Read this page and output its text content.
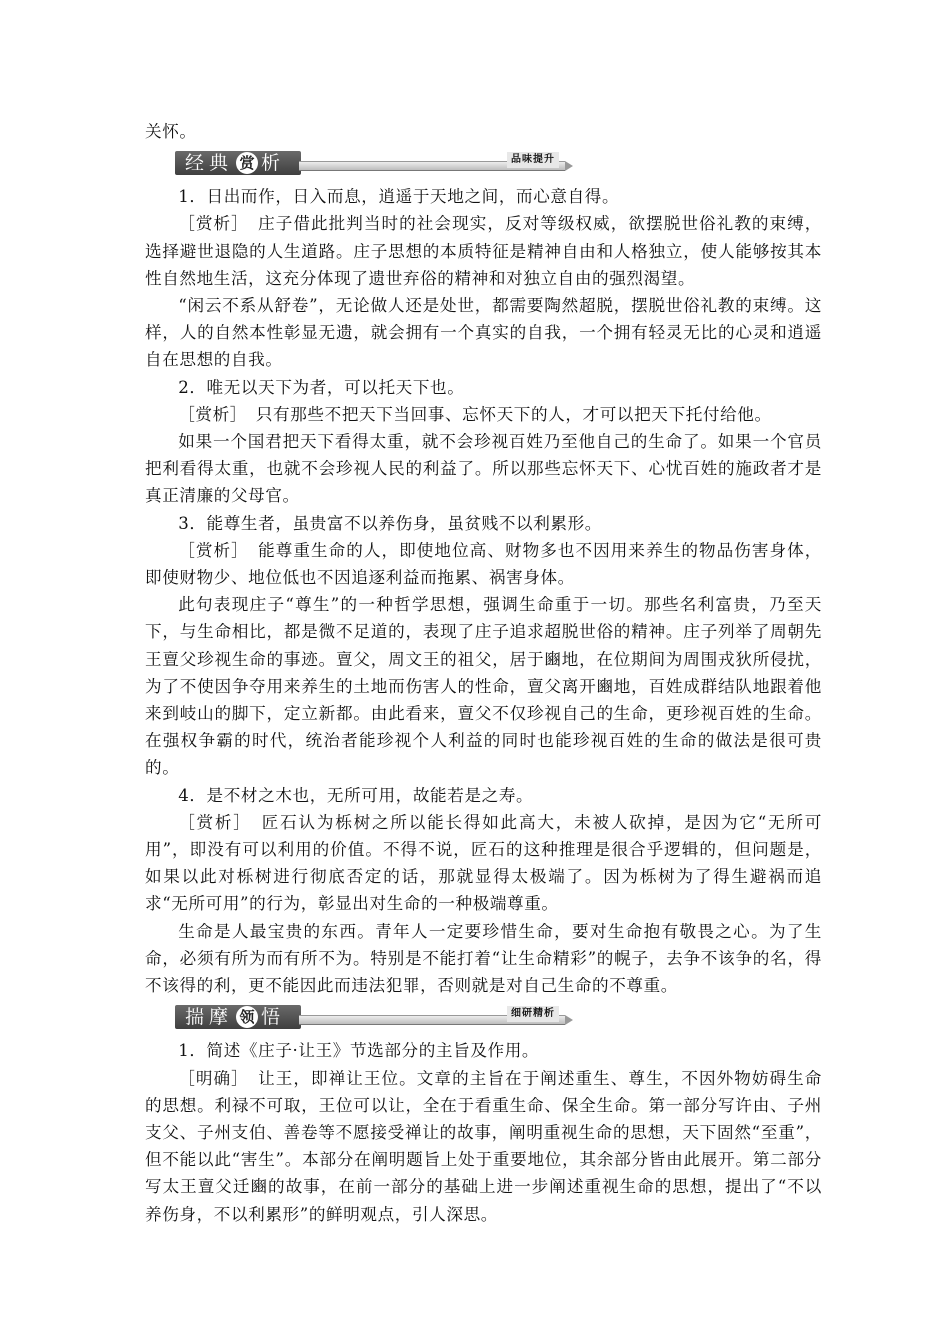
关怀。

经典 赏 析	品味提升

1．日出而作，日入而息，逍遥于天地之间，而心意自得。

［赏析］　庄子借此批判当时的社会现实，反对等级权威，欲摆脱世俗礼教的束缚，选择避世退隐的人生道路。庄子思想的本质特征是精神自由和人格独立，使人能够按其本性自然地生活，这充分体现了遗世弃俗的精神和对独立自由的强烈渴望。

“闲云不系从舒卷”，无论做人还是处世，都需要陶然超脱，摆脱世俗礼教的束缚。这样，人的自然本性彰显无遗，就会拥有一个真实的自我，一个拥有轻灵无比的心灵和逍遥自在思想的自我。

2．唯无以天下为者，可以托天下也。

［赏析］　只有那些不把天下当回事、忘怀天下的人，才可以把天下托付给他。

如果一个国君把天下看得太重，就不会珍视百姓乃至他自己的生命了。如果一个官员把利看得太重，也就不会珍视人民的利益了。所以那些忘怀天下、心忧百姓的施政者才是真正清廉的父母官。

3．能尊生者，虽贵富不以养伤身，虽贫贱不以利累形。

［赏析］　能尊重生命的人，即使地位高、财物多也不因用来养生的物品伤害身体，即使财物少、地位低也不因追逐利益而拖累、祸害身体。

此句表现庄子“尊生”的一种哲学思想，强调生命重于一切。那些名利富贵，乃至天下，与生命相比，都是微不足道的，表现了庄子追求超脱世俗的精神。庄子列举了周朝先王亶父珍视生命的事迹。亶父，周文王的祖父，居于豳地，在位期间为周围戎狄所侵扰，为了不使因争夺用来养生的土地而伤害人的性命，亶父离开豳地，百姓成群结队地跟着他来到岐山的脚下，定立新都。由此看来，亶父不仅珍视自己的生命，更珍视百姓的生命。在强权争霸的时代，统治者能珍视个人利益的同时也能珍视百姓的生命的做法是很可贵的。

4．是不材之木也，无所可用，故能若是之寿。

［赏析］　匠石认为栎树之所以能长得如此高大，未被人砍掉，是因为它“无所可用”，即没有可以利用的价值。不得不说，匠石的这种推理是很合乎逻辑的，但问题是，如果以此对栎树进行彻底否定的话，那就显得太极端了。因为栎树为了得生避祸而追求“无所可用”的行为，彰显出对生命的一种极端尊重。

生命是人最宝贵的东西。青年人一定要珍惜生命，要对生命抱有敬畏之心。为了生命，必须有所为而有所不为。特别是不能打着“让生命精彩”的幌子，去争不该争的名，得不该得的利，更不能因此而违法犯罪，否则就是对自己生命的不尊重。

揣摩 领 悟	细研精析

1．简述《庄子·让王》节选部分的主旨及作用。

［明确］　让王，即禅让王位。文章的主旨在于阐述重生、尊生，不因外物妨碍生命的思想。利禄不可取，王位可以让，全在于看重生命、保全生命。第一部分写许由、子州支父、子州支伯、善卷等不愿接受禅让的故事，阐明重视生命的思想，天下固然“至重”，但不能以此“害生”。本部分在阐明题旨上处于重要地位，其余部分皆由此展开。第二部分写太王亶父迁豳的故事，在前一部分的基础上进一步阐述重视生命的思想，提出了“不以养伤身，不以利累形”的鲜明观点，引人深思。
